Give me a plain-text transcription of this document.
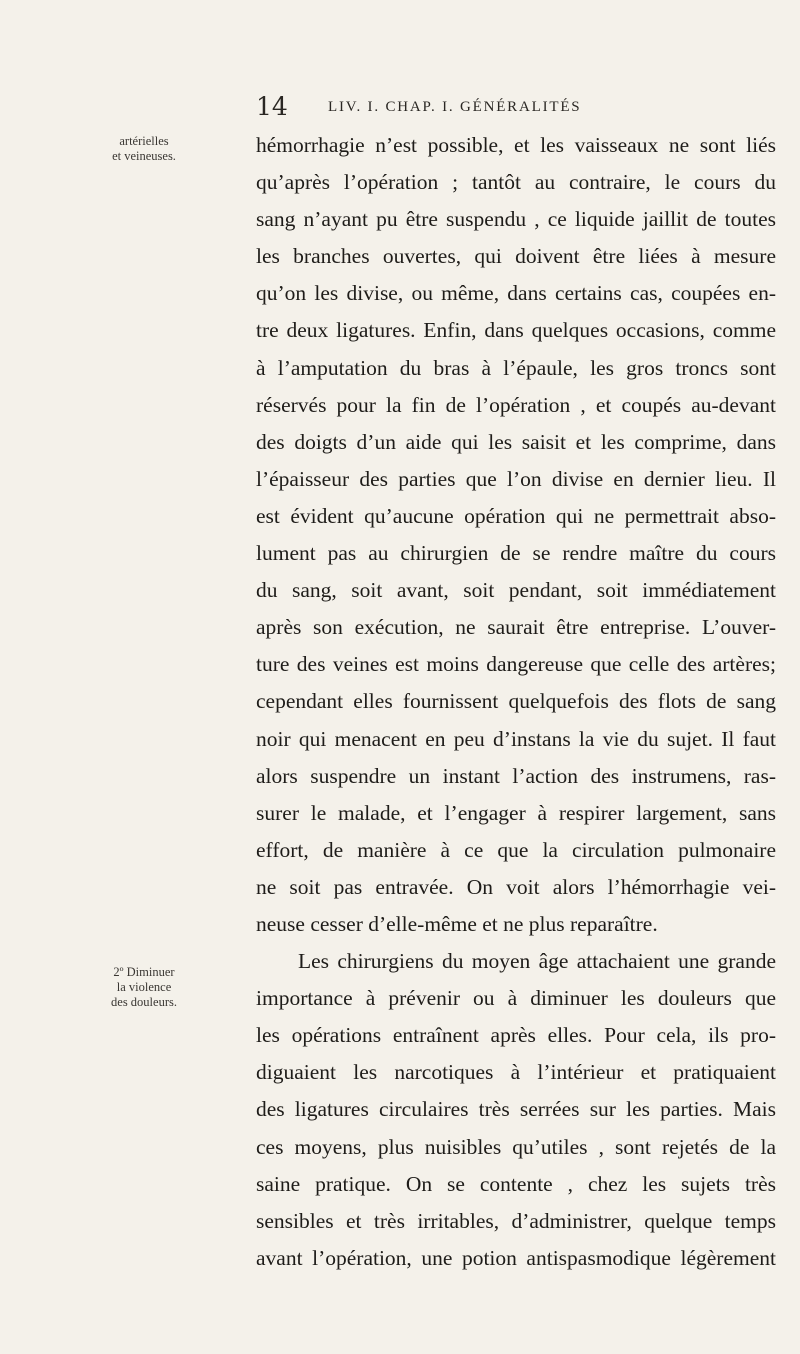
14	LIV. I. CHAP. I. GÉNÉRALITÉS
artérielles
et veineuses.
2º Diminuer
la violence
des douleurs.
hémorrhagie n’est possible, et les vaisseaux ne sont liés
qu’après l’opération ; tantôt au contraire, le cours du
sang n’ayant pu être suspendu , ce liquide jaillit de toutes
les branches ouvertes, qui doivent être liées à mesure
qu’on les divise, ou même, dans certains cas, coupées en-
tre deux ligatures. Enfin, dans quelques occasions, comme
à l’amputation du bras à l’épaule, les gros troncs sont
réservés pour la fin de l’opération , et coupés au-devant
des doigts d’un aide qui les saisit et les comprime, dans
l’épaisseur des parties que l’on divise en dernier lieu. Il
est évident qu’aucune opération qui ne permettrait abso-
lument pas au chirurgien de se rendre maître du cours
du sang, soit avant, soit pendant, soit immédiatement
après son exécution, ne saurait être entreprise. L’ouver-
ture des veines est moins dangereuse que celle des artères;
cependant elles fournissent quelquefois des flots de sang
noir qui menacent en peu d’instans la vie du sujet. Il faut
alors suspendre un instant l’action des instrumens, ras-
surer le malade, et l’engager à respirer largement, sans
effort, de manière à ce que la circulation pulmonaire
ne soit pas entravée. On voit alors l’hémorrhagie vei-
neuse cesser d’elle-même et ne plus reparaître.
Les chirurgiens du moyen âge attachaient une grande
importance à prévenir ou à diminuer les douleurs que
les opérations entraînent après elles. Pour cela, ils pro-
diguaient les narcotiques à l’intérieur et pratiquaient
des ligatures circulaires très serrées sur les parties. Mais
ces moyens, plus nuisibles qu’utiles , sont rejetés de la
saine pratique. On se contente , chez les sujets très
sensibles et très irritables, d’administrer, quelque temps
avant l’opération, une potion antispasmodique légèrement
